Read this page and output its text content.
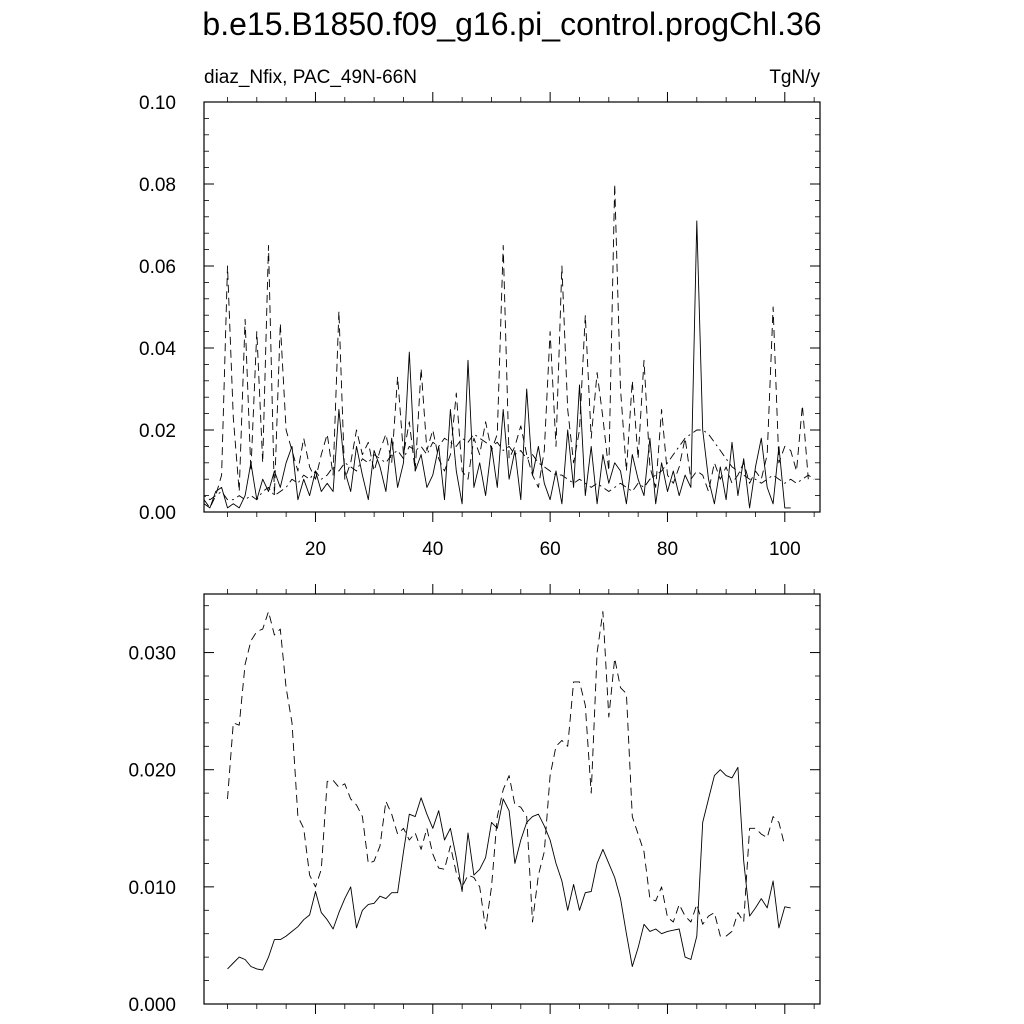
b.e15.B1850.f09_g16.pi_control.progChl.36
diaz_Nfix, PAC_49N-66N	TgN/y
0.00
0.02
0.04
0.06
0.08
0.10
20	40	60	80	100
0.000
0.010
0.020
0.030
